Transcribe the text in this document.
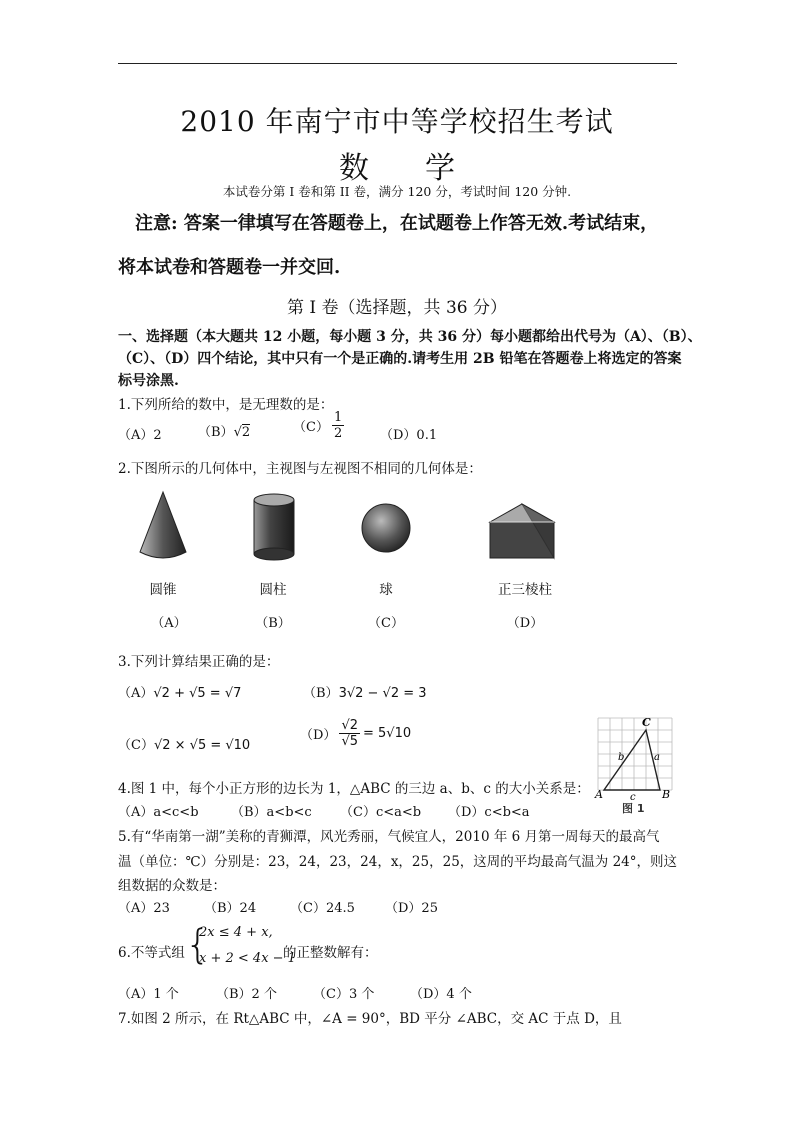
2010 年南宁市中等学校招生考试
数学
本试卷分第 I 卷和第 II 卷，满分 120 分，考试时间 120 分钟.
注意: 答案一律填写在答题卷上，在试题卷上作答无效.考试结束，
将本试卷和答题卷一并交回.
第 I 卷（选择题，共 36 分）
一、选择题（本大题共 12 小题，每小题 3 分，共 36 分）每小题都给出代号为（A）、（B）、
（C）、（D）四个结论，其中只有一个是正确的.请考生用 2B 铅笔在答题卷上将选定的答案
标号涂黑.
1.下列所给的数中，是无理数的是：
（A）2	（B）√2	$(C) \frac{1}{2}$	（D）0.1
2.下图所示的几何体中，主视图与左视图不相同的几何体是：
圆锥	圆柱	球	正三棱柱
（A）	（B）	（C）	（D）
3.下列计算结果正确的是：
（A）√2 + √5 = √7	（B）3√2 − √2 = 3
（C）√2 × √5 = √10
$(D) \frac{√2}{√5} = 5√10$
A	B
C
a
b
c
图 1
4.图 1 中，每个小正方形的边长为 1，△ABC 的三边 a、b、c 的大小关系是：
（A）a<c<b （B）a<b<c （C）c<a<b （D）c<b<a
5.有“华南第一湖”美称的青狮潭，风光秀丽，气候宜人，2010 年 6 月第一周每天的最高气
温（单位：℃）分别是：23，24，23，24，x，25，25，这周的平均最高气温为 24°，则这
组数据的众数是：
（A）23	（B）24	（C）24.5 （D）25
6.不等式组 {
2x ≤ 4 + x,
x + 2 < 4x − 1
的正整数解有：
（A）1 个	（B）2 个	（C）3 个	（D）4 个
7.如图 2 所示，在 Rt△ABC 中，∠A = 90°，BD 平分 ∠ABC，交 AC 于点 D，且
